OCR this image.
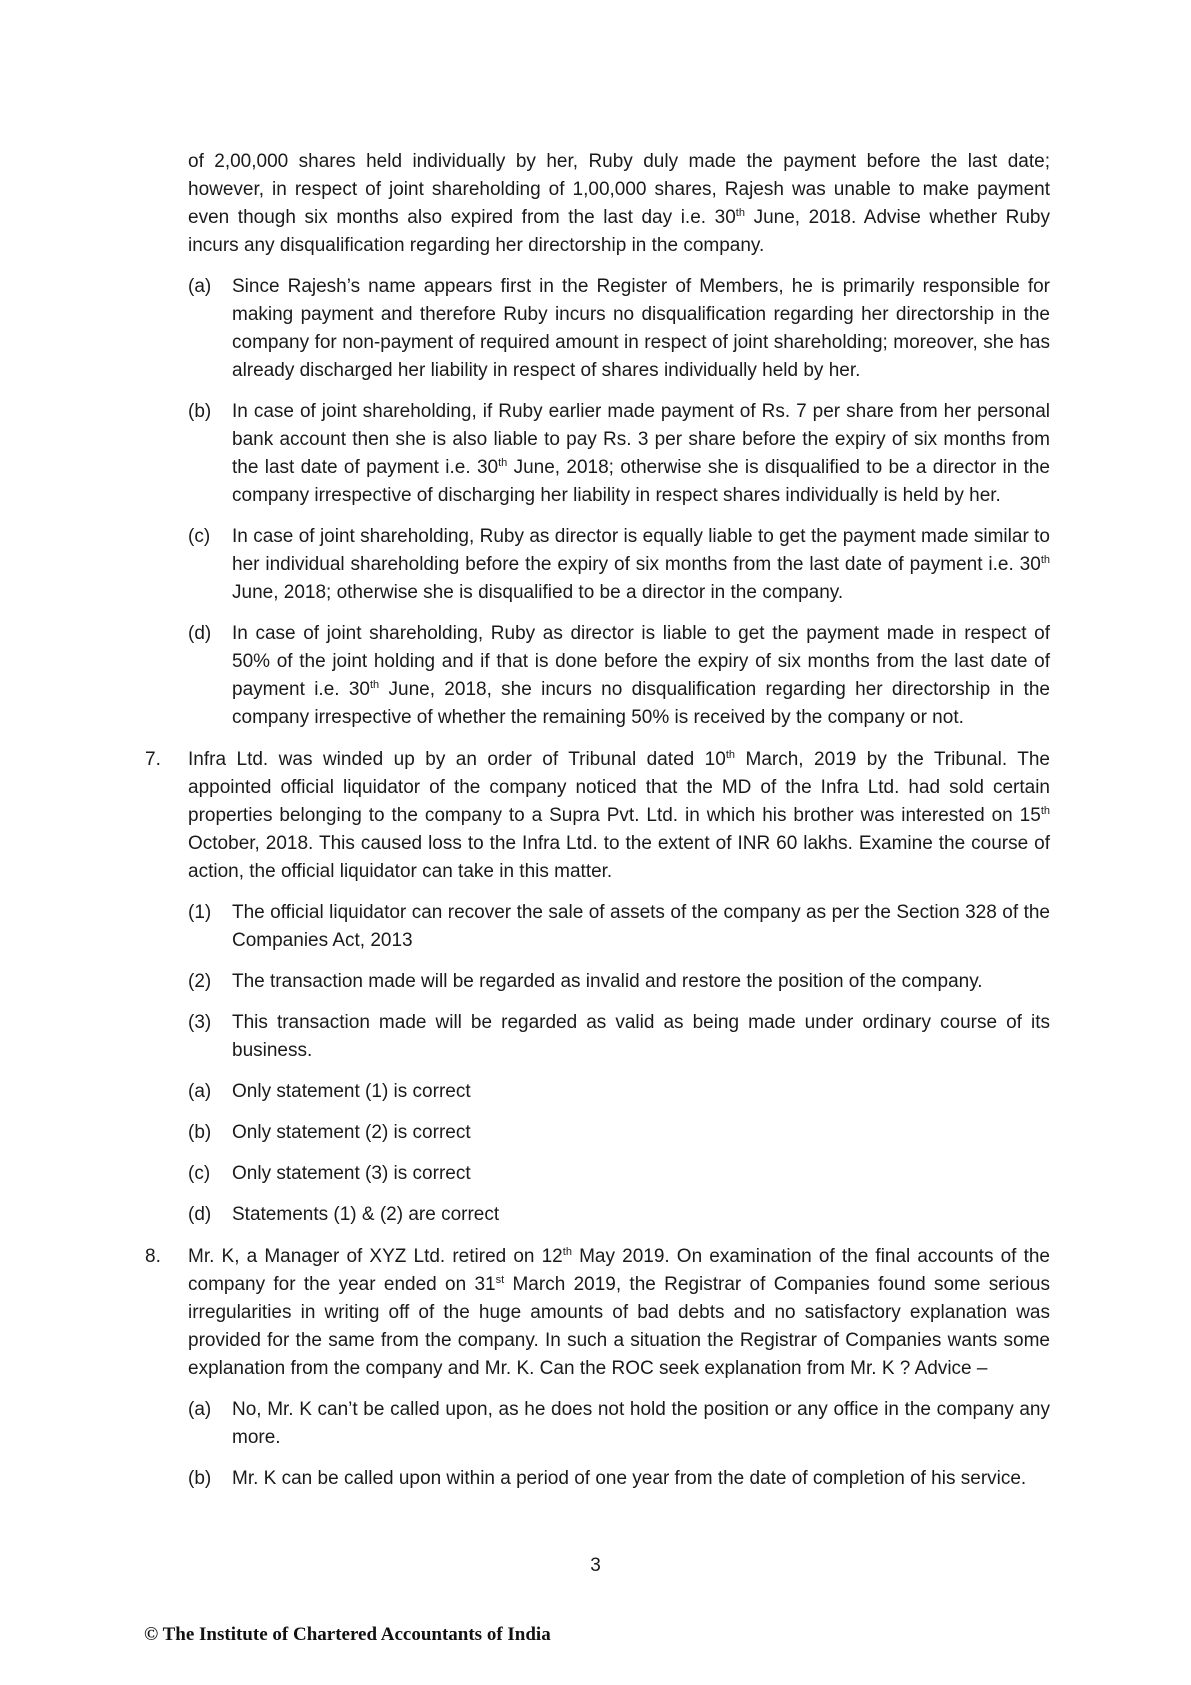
of 2,00,000 shares held individually by her, Ruby duly made the payment before the last date; however, in respect of joint shareholding of 1,00,000 shares, Rajesh was unable to make payment even though six months also expired from the last day i.e. 30th June, 2018. Advise whether Ruby incurs any disqualification regarding her directorship in the company.

(a)	Since Rajesh’s name appears first in the Register of Members, he is primarily responsible for making payment and therefore Ruby incurs no disqualification regarding her directorship in the company for non-payment of required amount in respect of joint shareholding; moreover, she has already discharged her liability in respect of shares individually held by her.
(b)	In case of joint shareholding, if Ruby earlier made payment of Rs. 7 per share from her personal bank account then she is also liable to pay Rs. 3 per share before the expiry of six months from the last date of payment i.e. 30th June, 2018; otherwise she is disqualified to be a director in the company irrespective of discharging her liability in respect shares individually is held by her.
(c)	In case of joint shareholding, Ruby as director is equally liable to get the payment made similar to her individual shareholding before the expiry of six months from the last date of payment i.e. 30th June, 2018; otherwise she is disqualified to be a director in the company.
(d)	In case of joint shareholding, Ruby as director is liable to get the payment made in respect of 50% of the joint holding and if that is done before the expiry of six months from the last date of payment i.e. 30th June, 2018, she incurs no disqualification regarding her directorship in the company irrespective of whether the remaining 50% is received by the company or not.
7.	Infra Ltd. was winded up by an order of Tribunal dated 10th March, 2019 by the Tribunal. The appointed official liquidator of the company noticed that the MD of the Infra Ltd. had sold certain properties belonging to the company to a Supra Pvt. Ltd. in which his brother was interested on 15th October, 2018. This caused loss to the Infra Ltd. to the extent of INR 60 lakhs. Examine the course of action, the official liquidator can take in this matter.
(1)	The official liquidator can recover the sale of assets of the company as per the Section 328 of the Companies Act, 2013
(2)	The transaction made will be regarded as invalid and restore the position of the company.
(3)	This transaction made will be regarded as valid as being made under ordinary course of its business.
(a)	Only statement (1) is correct
(b)	Only statement (2) is correct
(c)	Only statement (3) is correct
(d)	Statements (1) & (2) are correct
8.	Mr. K, a Manager of XYZ Ltd. retired on 12th May 2019. On examination of the final accounts of the company for the year ended on 31st March 2019, the Registrar of Companies found some serious irregularities in writing off of the huge amounts of bad debts and no satisfactory explanation was provided for the same from the company. In such a situation the Registrar of Companies wants some explanation from the company and Mr. K. Can the ROC seek explanation from Mr. K ? Advice –
(a)	No, Mr. K can’t be called upon, as he does not hold the position or any office in the company any more.
(b)	Mr. K can be called upon within a period of one year from the date of completion of his service.
3
© The Institute of Chartered Accountants of India
